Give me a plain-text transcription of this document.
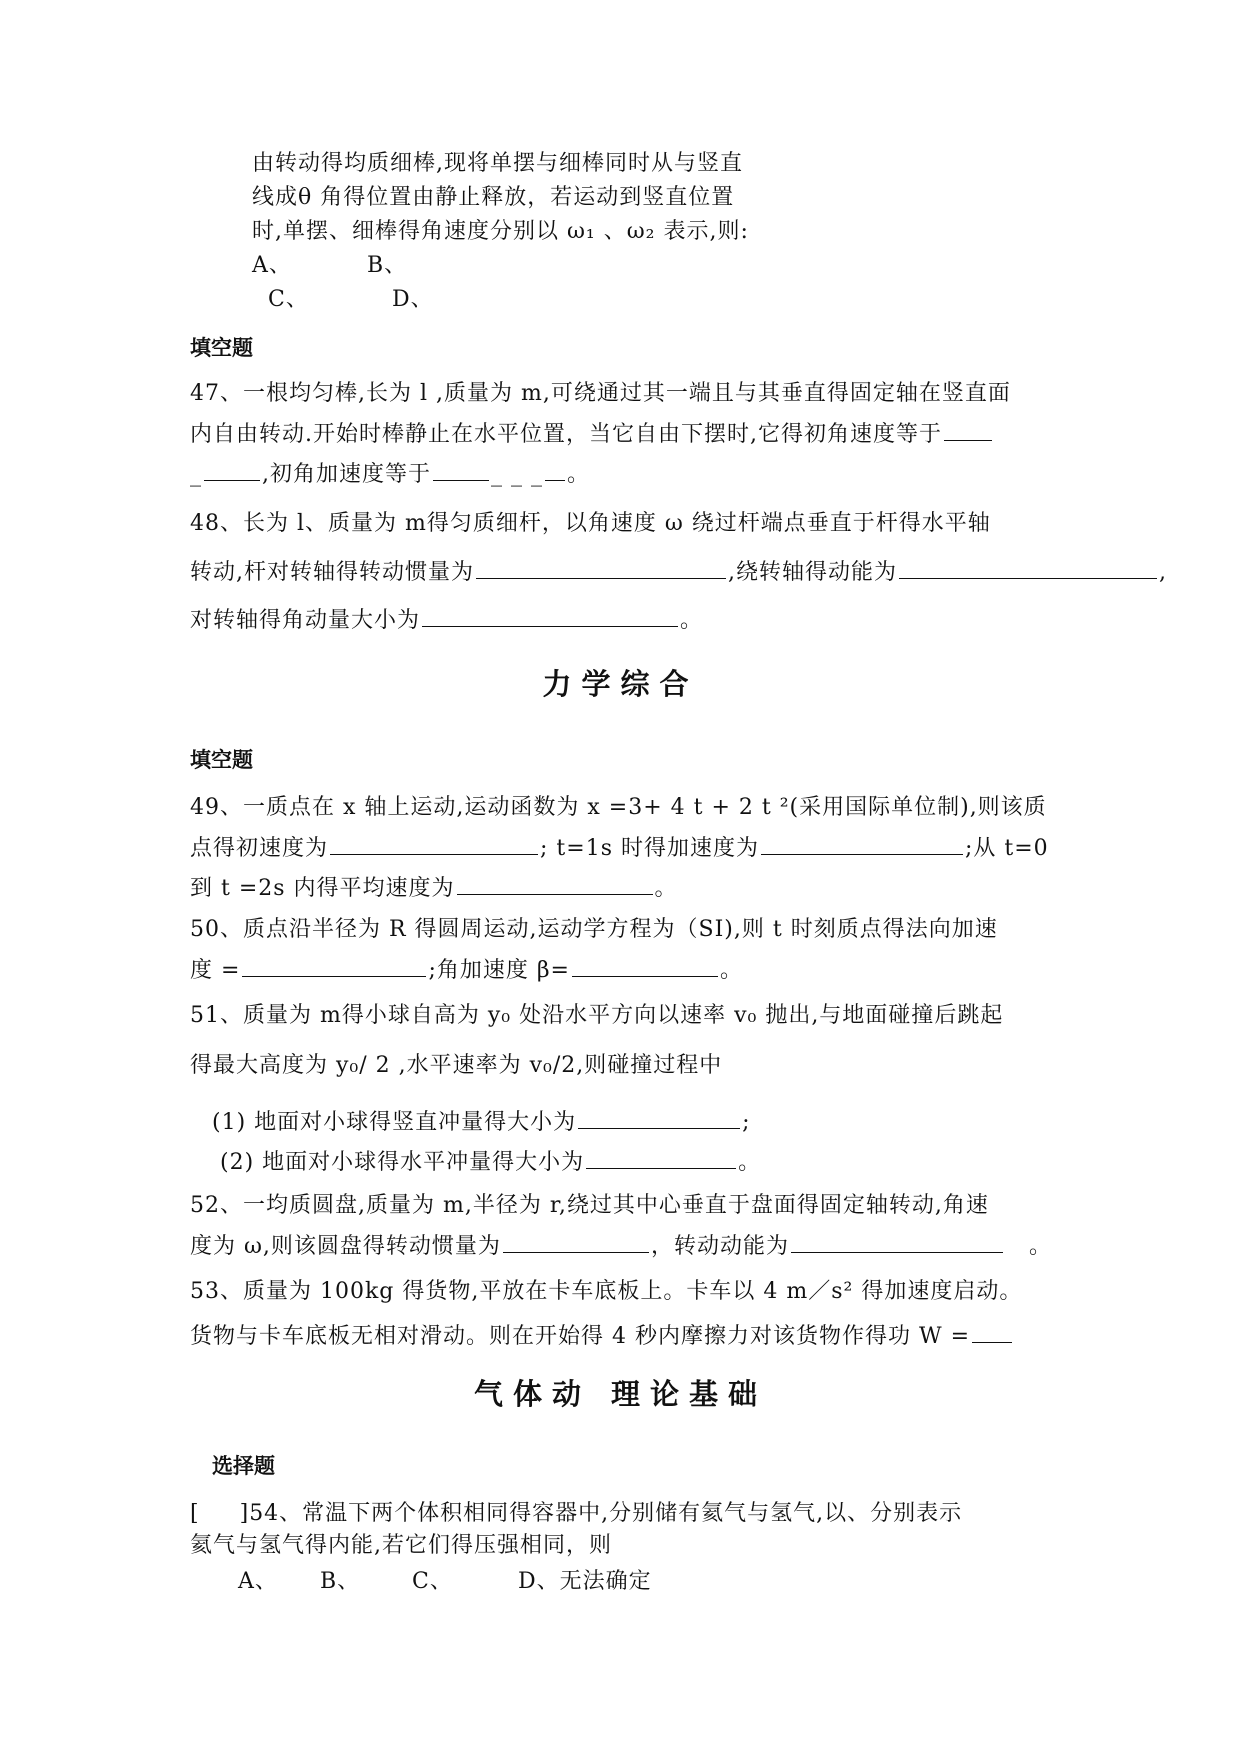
由转动得均质细棒,现将单摆与细棒同时从与竖直
线成θ 角得位置由静止释放，若运动到竖直位置
时,单摆、细棒得角速度分别以 ω₁ 、ω₂ 表示,则:
A、	B、
C、	D、
填空题
47、一根均匀棒,长为 l ,质量为 m,可绕通过其一端且与其垂直得固定轴在竖直面
内自由转动.开始时棒静止在水平位置，当它自由下摆时,它得初角速度等于
_	,初角加速度等于	_ _ _ 。
48、长为 l、质量为 m得匀质细杆，以角速度 ω 绕过杆端点垂直于杆得水平轴
转动,杆对转轴得转动惯量为	,绕转轴得动能为	,
对转轴得角动量大小为	。
力学综合
填空题
49、一质点在 x 轴上运动,运动函数为 x =3+ 4 t + 2 t ²(采用国际单位制),则该质
点得初速度为	; t=1s 时得加速度为	;从 t=0
到 t =2s 内得平均速度为	。
50、质点沿半径为 R 得圆周运动,运动学方程为（SI),则 t 时刻质点得法向加速
度 =	;角加速度 β=	。
51、质量为 m得小球自高为 y₀ 处沿水平方向以速率 v₀ 抛出,与地面碰撞后跳起
得最大高度为 y₀/ 2 ,水平速率为 v₀/2,则碰撞过程中
(1) 地面对小球得竖直冲量得大小为	;
(2) 地面对小球得水平冲量得大小为	。
52、一均质圆盘,质量为 m,半径为 r,绕过其中心垂直于盘面得固定轴转动,角速
度为 ω,则该圆盘得转动惯量为	，转动动能为	。
53、质量为 100kg 得货物,平放在卡车底板上。卡车以 4 m／s² 得加速度启动。
货物与卡车底板无相对滑动。则在开始得 4 秒内摩擦力对该货物作得功 W =
气体动 理论基础
选择题
[ ]54、常温下两个体积相同得容器中,分别储有氦气与氢气,以、分别表示
氦气与氢气得内能,若它们得压强相同，则
A、 B、 C、	D、无法确定
